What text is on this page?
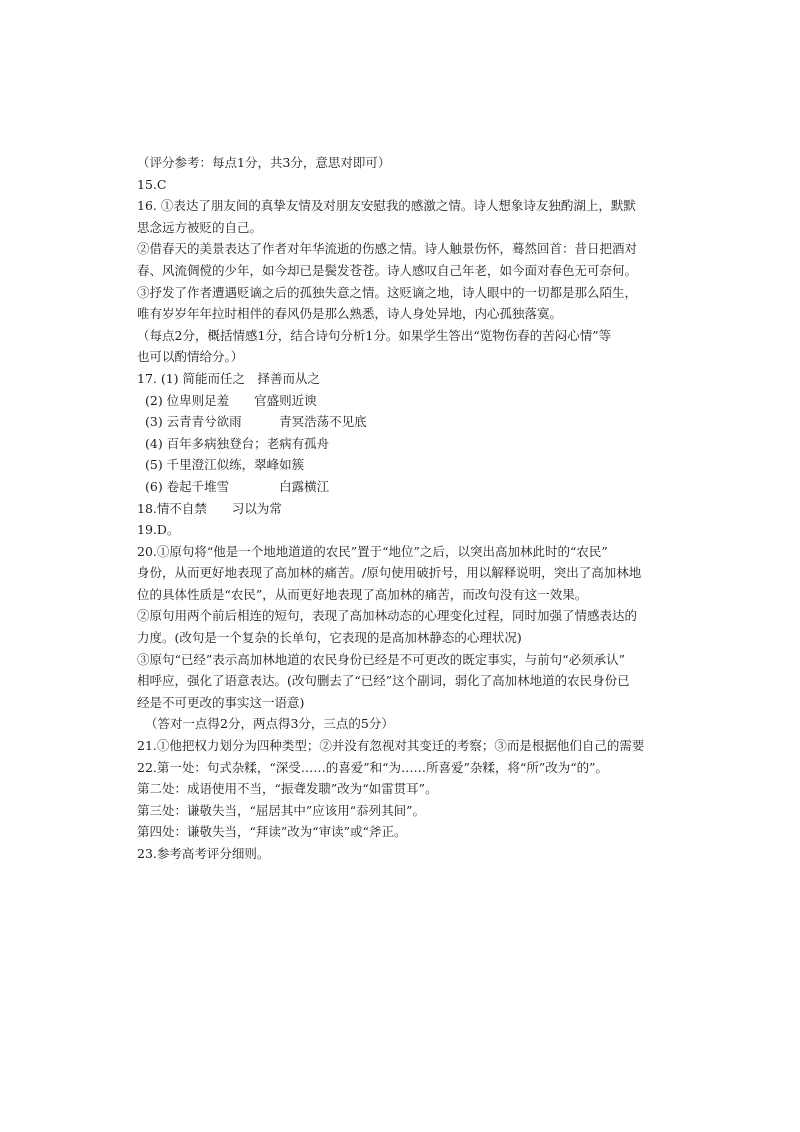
（评分参考：每点1分，共3分，意思对即可）
15.C
16. ①表达了朋友间的真挚友情及对朋友安慰我的感激之情。诗人想象诗友独酌湖上，默默
思念远方被贬的自己。
②借春天的美景表达了作者对年华流逝的伤感之情。诗人触景伤怀，蓦然回首：昔日把酒对
春、风流倜傥的少年，如今却已是鬓发苍苍。诗人感叹自己年老，如今面对春色无可奈何。
③抒发了作者遭遇贬谪之后的孤独失意之情。这贬谪之地，诗人眼中的一切都是那么陌生，
唯有岁岁年年拉时相伴的春风仍是那么熟悉，诗人身处异地，内心孤独落寞。
（每点2分，概括情感1分，结合诗句分析1分。如果学生答出“览物伤春的苦闷心情”等
也可以酌情给分。）
17. (1) 简能而任之　择善而从之
(2) 位卑则足羞　　官盛则近谀
(3) 云青青兮欲雨　　　青冥浩荡不见底
(4) 百年多病独登台；老病有孤舟
(5) 千里澄江似练，翠峰如簇
(6) 卷起千堆雪　　　　白露横江
18.情不自禁　　习以为常
19.D。
20.①原句将“他是一个地地道道的农民”置于“地位”之后，以突出高加林此时的“农民”
身份，从而更好地表现了高加林的痛苦。/原句使用破折号，用以解释说明，突出了高加林地
位的具体性质是“农民”，从而更好地表现了高加林的痛苦，而改句没有这一效果。
②原句用两个前后相连的短句，表现了高加林动态的心理变化过程，同时加强了情感表达的
力度。(改句是一个复杂的长单句，它表现的是高加林静态的心理状况)
③原句“已经”表示高加林地道的农民身份已经是不可更改的既定事实，与前句“必须承认”
相呼应，强化了语意表达。(改句删去了“已经”这个副词，弱化了高加林地道的农民身份已
经是不可更改的事实这一语意)
（答对一点得2分，两点得3分，三点的5分）
21.①他把权力划分为四种类型；②并没有忽视对其变迁的考察；③而是根据他们自己的需要
22.第一处：句式杂糅，“深受……的喜爱”和“为……所喜爱”杂糅，将“所”改为“的”。
第二处：成语使用不当，“振聋发聩”改为“如雷贯耳”。
第三处：谦敬失当，“屈居其中”应该用“忝列其间”。
第四处：谦敬失当，“拜读”改为“审读”或“斧正。
23.参考高考评分细则。
